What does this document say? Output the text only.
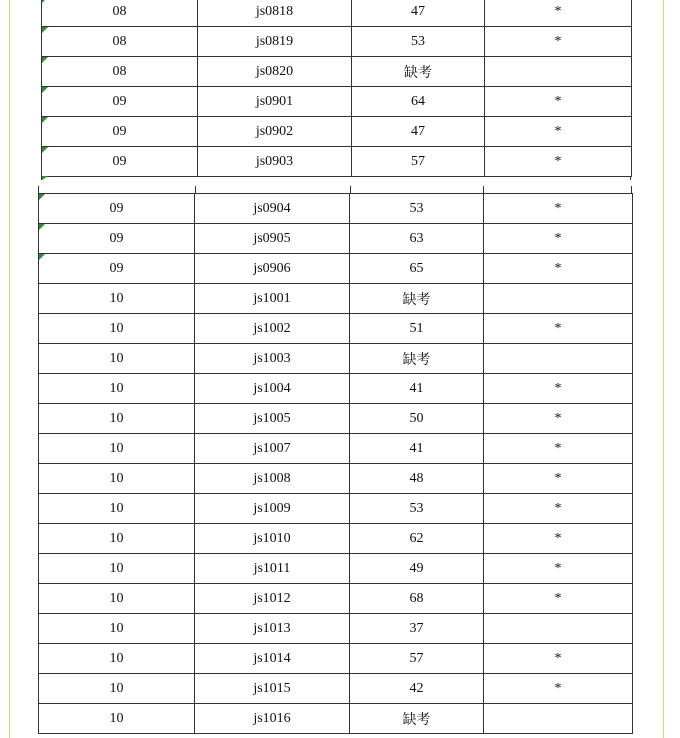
08	js0818	47	*

08	js0819	53	*

08	js0820	缺考	

09	js0901	64	*

09	js0902	47	*

09	js0903	57	*
09	js0904	53	*

09	js0905	63	*

09	js0906	65	*
10	js1001	缺考	
10	js1002	51	*
10	js1003	缺考	
10	js1004	41	*
10	js1005	50	*
10	js1007	41	*
10	js1008	48	*
10	js1009	53	*
10	js1010	62	*
10	js1011	49	*
10	js1012	68	*
10	js1013	37	
10	js1014	57	*
10	js1015	42	*
10	js1016	缺考	
